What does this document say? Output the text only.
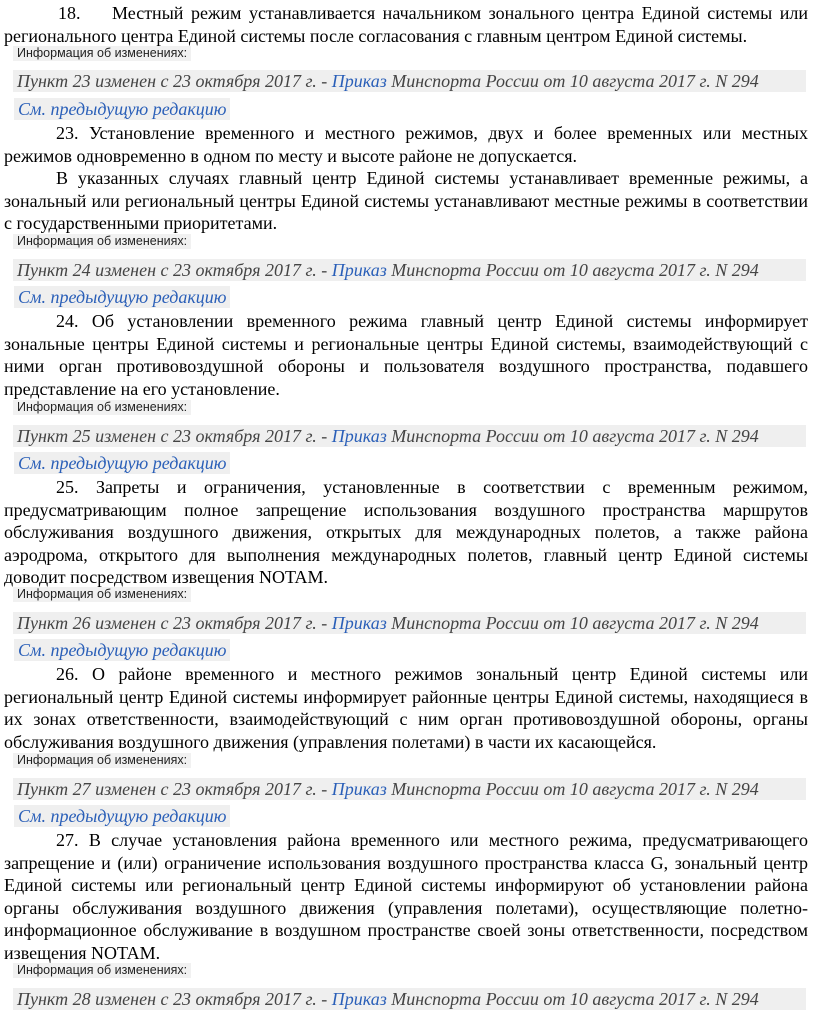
18. Местный режим устанавливается начальником зонального центра Единой системы или регионального центра Единой системы после согласования с главным центром Единой системы.

Информация об изменениях:
Пункт 23 изменен с 23 октября 2017 г. - Приказ Минспорта России от 10 августа 2017 г. N 294
См. предыдущую редакцию

23. Установление временного и местного режимов, двух и более временных или местных режимов одновременно в одном по месту и высоте районе не допускается.

В указанных случаях главный центр Единой системы устанавливает временные режимы, а зональный или региональный центры Единой системы устанавливают местные режимы в соответствии с государственными приоритетами.

Информация об изменениях:
Пункт 24 изменен с 23 октября 2017 г. - Приказ Минспорта России от 10 августа 2017 г. N 294
См. предыдущую редакцию

24. Об установлении временного режима главный центр Единой системы информирует зональные центры Единой системы и региональные центры Единой системы, взаимодействующий с ними орган противовоздушной обороны и пользователя воздушного пространства, подавшего представление на его установление.

Информация об изменениях:
Пункт 25 изменен с 23 октября 2017 г. - Приказ Минспорта России от 10 августа 2017 г. N 294
См. предыдущую редакцию

25. Запреты и ограничения, установленные в соответствии с временным режимом, предусматривающим полное запрещение использования воздушного пространства маршрутов обслуживания воздушного движения, открытых для международных полетов, а также района аэродрома, открытого для выполнения международных полетов, главный центр Единой системы доводит посредством извещения NOTAM.

Информация об изменениях:
Пункт 26 изменен с 23 октября 2017 г. - Приказ Минспорта России от 10 августа 2017 г. N 294
См. предыдущую редакцию

26. О районе временного и местного режимов зональный центр Единой системы или региональный центр Единой системы информирует районные центры Единой системы, находящиеся в их зонах ответственности, взаимодействующий с ним орган противовоздушной обороны, органы обслуживания воздушного движения (управления полетами) в части их касающейся.

Информация об изменениях:
Пункт 27 изменен с 23 октября 2017 г. - Приказ Минспорта России от 10 августа 2017 г. N 294
См. предыдущую редакцию

27. В случае установления района временного или местного режима, предусматривающего запрещение и (или) ограничение использования воздушного пространства класса G, зональный центр Единой системы или региональный центр Единой системы информируют об установлении района органы обслуживания воздушного движения (управления полетами), осуществляющие полетно-информационное обслуживание в воздушном пространстве своей зоны ответственности, посредством извещения NOTAM.

Информация об изменениях:
Пункт 28 изменен с 23 октября 2017 г. - Приказ Минспорта России от 10 августа 2017 г. N 294
